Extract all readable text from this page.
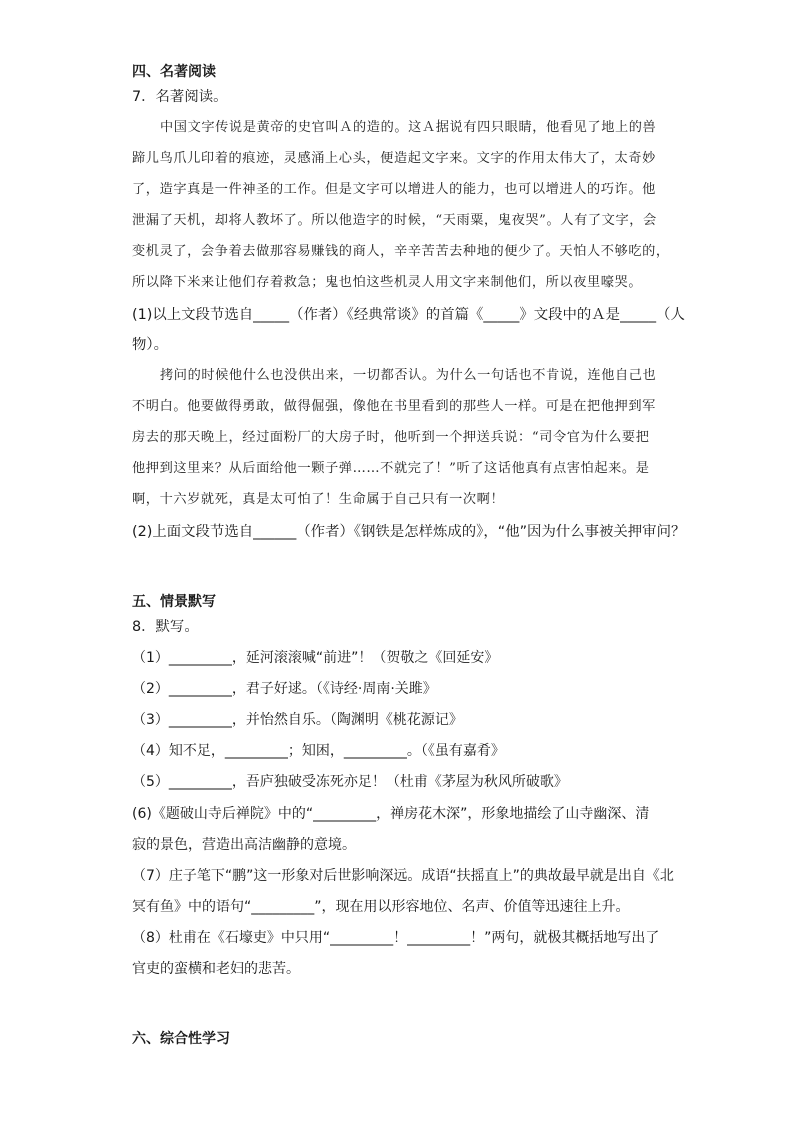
四、名著阅读
7．名著阅读。
中国文字传说是黄帝的史官叫Ａ的造的。这Ａ据说有四只眼睛，他看见了地上的兽
蹄儿鸟爪儿印着的痕迹，灵感涌上心头，便造起文字来。文字的作用太伟大了，太奇妙
了，造字真是一件神圣的工作。但是文字可以增进人的能力，也可以增进人的巧诈。他
泄漏了天机，却将人教坏了。所以他造字的时候，“天雨粟，鬼夜哭”。人有了文字，会
变机灵了，会争着去做那容易赚钱的商人，辛辛苦苦去种地的便少了。天怕人不够吃的，
所以降下米来让他们存着救急；鬼也怕这些机灵人用文字来制他们，所以夜里嚎哭。
(1)以上文段节选自_____（作者）《经典常谈》的首篇《_____》文段中的Ａ是_____（人
物）。
拷问的时候他什么也没供出来，一切都否认。为什么一句话也不肯说，连他自己也
不明白。他要做得勇敢，做得倔强，像他在书里看到的那些人一样。可是在把他押到军
房去的那天晚上，经过面粉厂的大房子时，他听到一个押送兵说：“司令官为什么要把
他押到这里来？从后面给他一颗子弹……不就完了！”听了这话他真有点害怕起来。是
啊，十六岁就死，真是太可怕了！生命属于自己只有一次啊！
(2)上面文段节选自______（作者）《钢铁是怎样炼成的》，“他”因为什么事被关押审问？
五、情景默写
8．默写。
（1）_________，延河滚滚喊“前进”！（贺敬之《回延安》
（2）_________，君子好逑。（《诗经·周南·关雎》
（3）_________，并怡然自乐。（陶渊明《桃花源记》
（4）知不足，_________；知困，_________。（《虽有嘉肴》
（5）_________，吾庐独破受冻死亦足！（杜甫《茅屋为秋风所破歌》
(6)《题破山寺后禅院》中的“_________，禅房花木深”，形象地描绘了山寺幽深、清
寂的景色，营造出高洁幽静的意境。
（7）庄子笔下“鹏”这一形象对后世影响深远。成语“扶摇直上”的典故最早就是出自《北
冥有鱼》中的语句“_________”，现在用以形容地位、名声、价值等迅速往上升。
（8）杜甫在《石壕吏》中只用“_________！_________！”两句，就极其概括地写出了
官吏的蛮横和老妇的悲苦。
六、综合性学习
